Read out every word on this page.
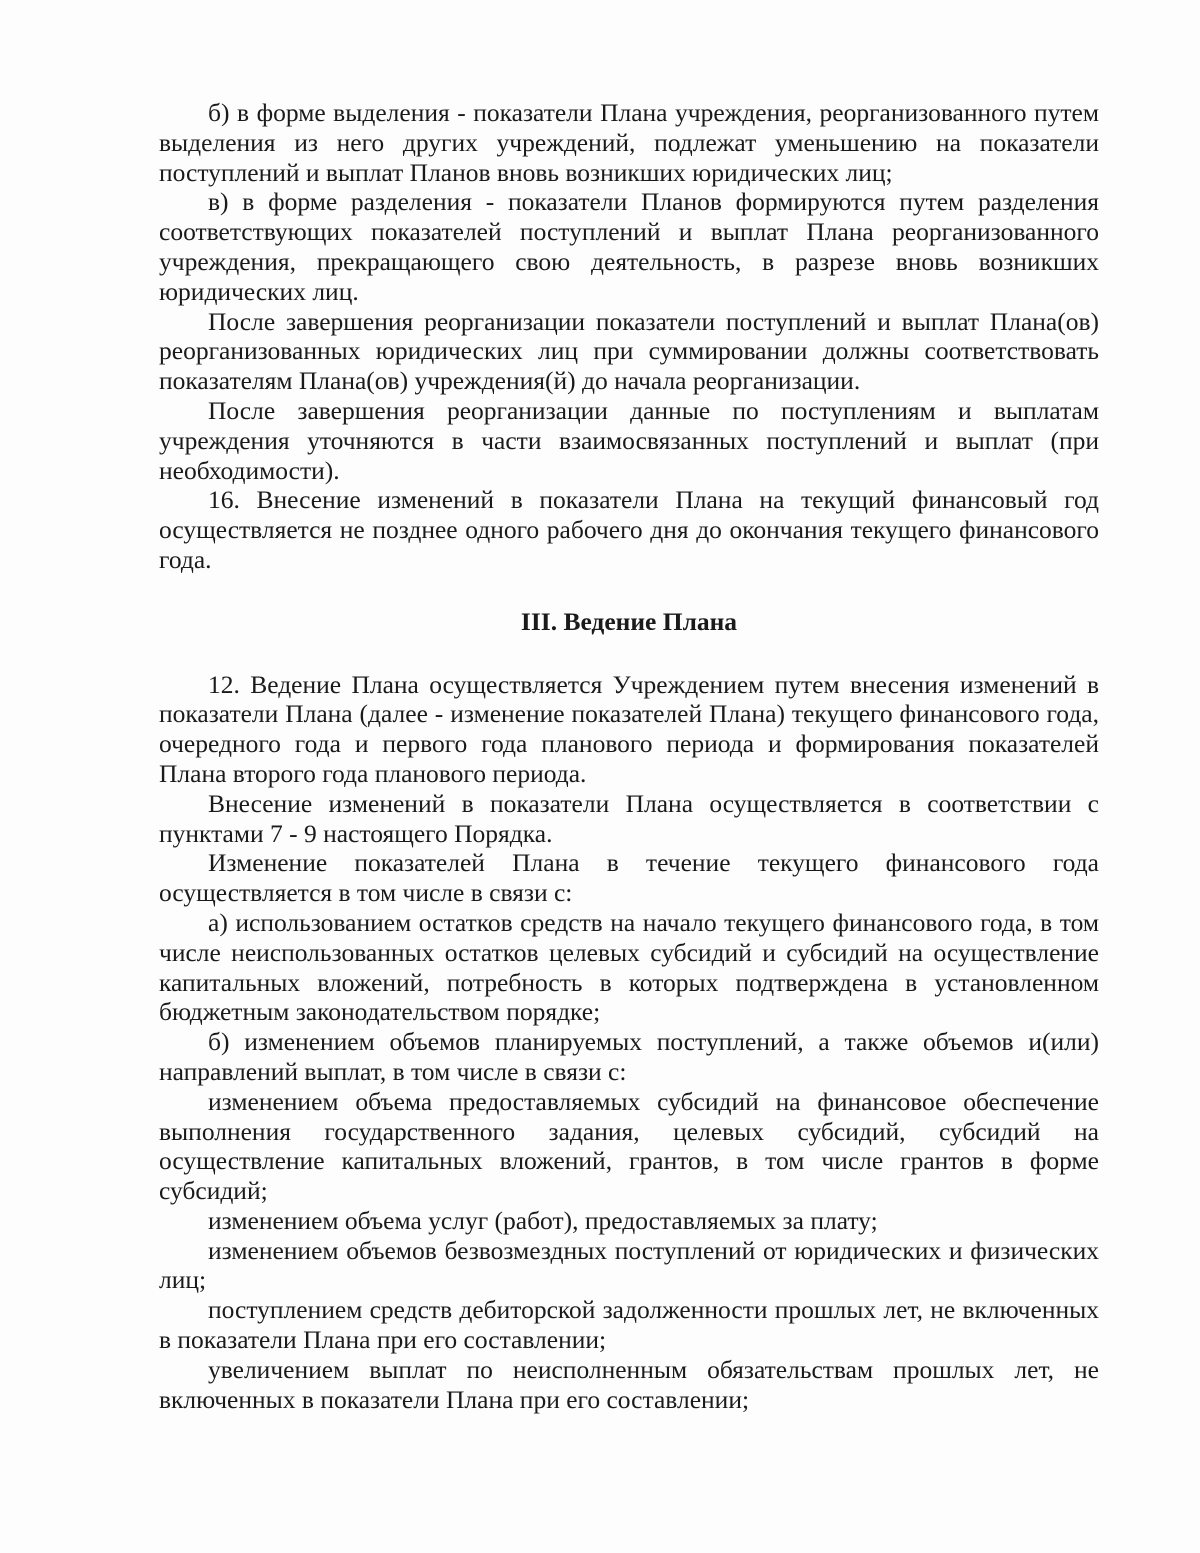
б) в форме выделения - показатели Плана учреждения, реорганизованного путем выделения из него других учреждений, подлежат уменьшению на показатели поступлений и выплат Планов вновь возникших юридических лиц;

в) в форме разделения - показатели Планов формируются путем разделения соответствующих показателей поступлений и выплат Плана реорганизованного учреждения, прекращающего свою деятельность, в разрезе вновь возникших юридических лиц.

После завершения реорганизации показатели поступлений и выплат Плана(ов) реорганизованных юридических лиц при суммировании должны соответствовать показателям Плана(ов) учреждения(й) до начала реорганизации.

После завершения реорганизации данные по поступлениям и выплатам учреждения уточняются в части взаимосвязанных поступлений и выплат (при необходимости).

16. Внесение изменений в показатели Плана на текущий финансовый год осуществляется не позднее одного рабочего дня до окончания текущего финансового года.

III. Ведение Плана

12. Ведение Плана осуществляется Учреждением путем внесения изменений в показатели Плана (далее - изменение показателей Плана) текущего финансового года, очередного года и первого года планового периода и формирования показателей Плана второго года планового периода.

Внесение изменений в показатели Плана осуществляется в соответствии с пунктами 7 - 9 настоящего Порядка.

Изменение показателей Плана в течение текущего финансового года осуществляется в том числе в связи с:

а) использованием остатков средств на начало текущего финансового года, в том числе неиспользованных остатков целевых субсидий и субсидий на осуществление капитальных вложений, потребность в которых подтверждена в установленном бюджетным законодательством порядке;

б) изменением объемов планируемых поступлений, а также объемов и(или) направлений выплат, в том числе в связи с:

изменением объема предоставляемых субсидий на финансовое обеспечение выполнения государственного задания, целевых субсидий, субсидий на осуществление капитальных вложений, грантов, в том числе грантов в форме субсидий;

изменением объема услуг (работ), предоставляемых за плату;

изменением объемов безвозмездных поступлений от юридических и физических лиц;

поступлением средств дебиторской задолженности прошлых лет, не включенных в показатели Плана при его составлении;

увеличением выплат по неисполненным обязательствам прошлых лет, не включенных в показатели Плана при его составлении;
